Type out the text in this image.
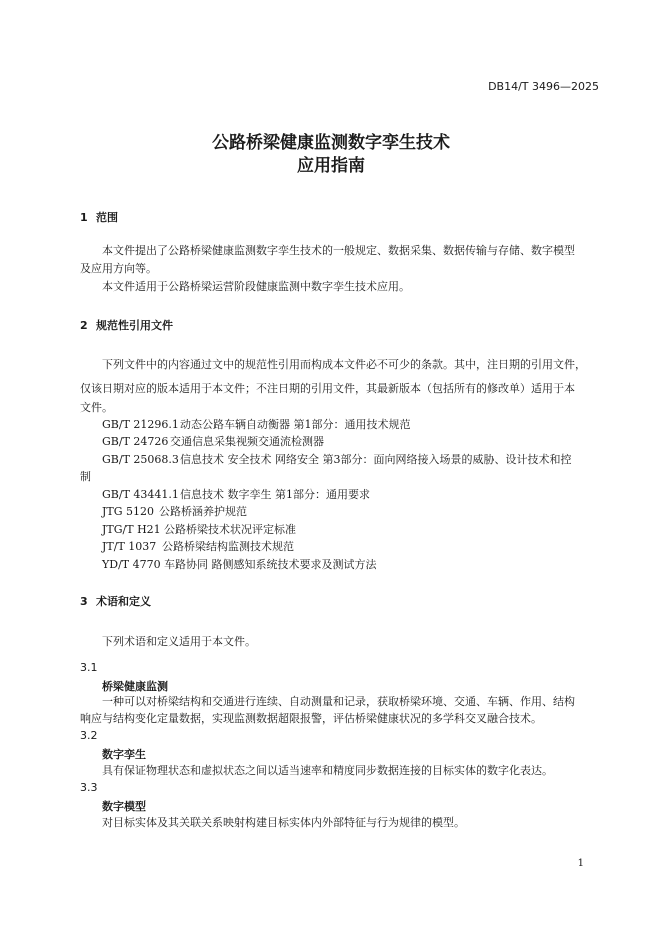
DB14/T 3496—2025
公路桥梁健康监测数字孪生技术
应用指南
1 范围
本文件提出了公路桥梁健康监测数字孪生技术的一般规定、数据采集、数据传输与存储、数字模型
及应用方向等。
本文件适用于公路桥梁运营阶段健康监测中数字孪生技术应用。
2 规范性引用文件
下列文件中的内容通过文中的规范性引用而构成本文件必不可少的条款。其中，注日期的引用文件，
仅该日期对应的版本适用于本文件；不注日期的引用文件，其最新版本（包括所有的修改单）适用于本
文件。
GB/T 21296.1动态公路车辆自动衡器 第1部分：通用技术规范
GB/T 24726 交通信息采集视频交通流检测器
GB/T 25068.3信息技术 安全技术 网络安全 第3部分：面向网络接入场景的威胁、设计技术和控
制
GB/T 43441.1信息技术 数字孪生 第1部分：通用要求
JTG 5120 公路桥涵养护规范
JTG/T H21 公路桥梁技术状况评定标准
JT/T 1037 公路桥梁结构监测技术规范
YD/T 4770 车路协同 路侧感知系统技术要求及测试方法
3 术语和定义
下列术语和定义适用于本文件。
3.1
桥梁健康监测
一种可以对桥梁结构和交通进行连续、自动测量和记录，获取桥梁环境、交通、车辆、作用、结构
响应与结构变化定量数据，实现监测数据超限报警，评估桥梁健康状况的多学科交叉融合技术。
3.2
数字孪生
具有保证物理状态和虚拟状态之间以适当速率和精度同步数据连接的目标实体的数字化表达。
3.3
数字模型
对目标实体及其关联关系映射构建目标实体内外部特征与行为规律的模型。
1
